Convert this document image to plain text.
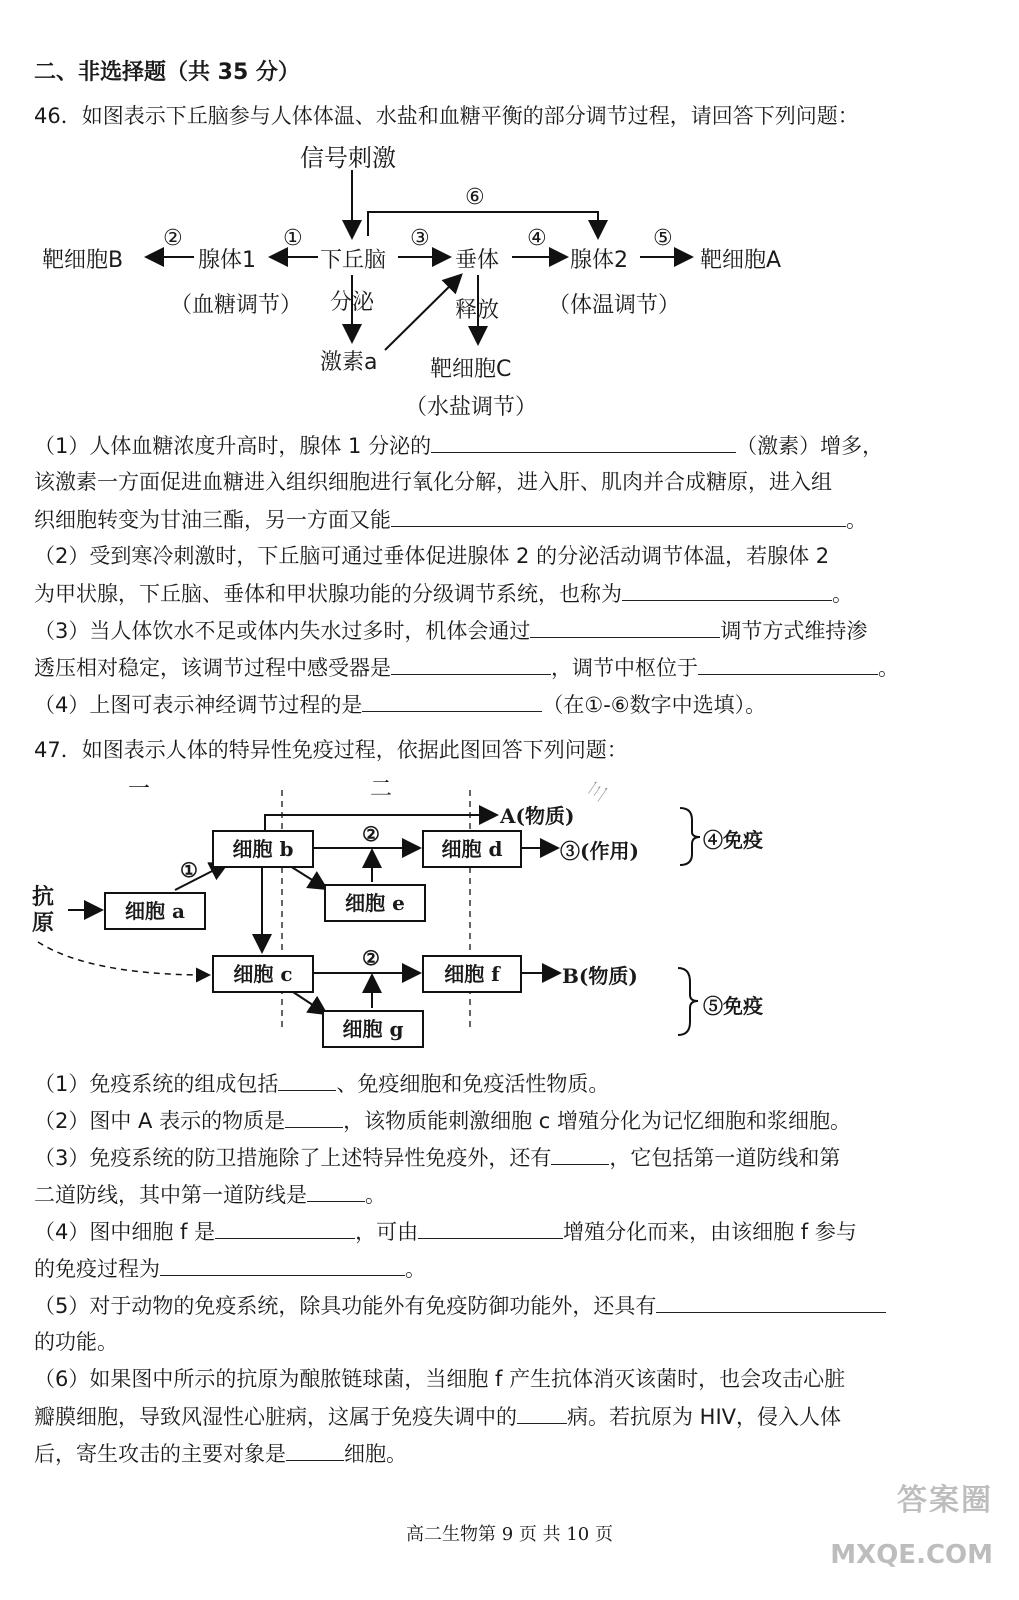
二、非选择题（共 35 分）
46．如图表示下丘脑参与人体体温、水盐和血糖平衡的部分调节过程，请回答下列问题：
信号刺激
⑥
靶细胞B
②
腺体1
①
下丘脑
③
垂体
④
腺体2
⑤
靶细胞A
（血糖调节） 分泌	释放 （体温调节）
激素a 靶细胞C
（水盐调节）
（1）人体血糖浓度升高时，腺体 1 分泌的	（激素）增多，
该激素一方面促进血糖进入组织细胞进行氧化分解，进入肝、肌肉并合成糖原，进入组
织细胞转变为甘油三酯，另一方面又能	。
（2）受到寒冷刺激时，下丘脑可通过垂体促进腺体 2 的分泌活动调节体温，若腺体 2
为甲状腺，下丘脑、垂体和甲状腺功能的分级调节系统，也称为	。
（3）当人体饮水不足或体内失水过多时，机体会通过	调节方式维持渗
透压相对稳定，该调节过程中感受器是	，调节中枢位于	。
（4）上图可表示神经调节过程的是	（在①-⑥数字中选填）。
47．如图表示人体的特异性免疫过程，依据此图回答下列问题：
一	二	三
抗
原	细胞 a
①
细胞 b
②
细胞 d
细胞 e
A(物质)
③(作用)	④免疫
细胞 c
②
细胞 f
细胞 g
B(物质)
⑤免疫
（1）免疫系统的组成包括	、免疫细胞和免疫活性物质。
（2）图中 A 表示的物质是	，该物质能刺激细胞 c 增殖分化为记忆细胞和浆细胞。
（3）免疫系统的防卫措施除了上述特异性免疫外，还有	，它包括第一道防线和第
二道防线，其中第一道防线是	。
（4）图中细胞 f 是	，可由	增殖分化而来，由该细胞 f 参与
的免疫过程为	。
（5）对于动物的免疫系统，除具功能外有免疫防御功能外，还具有
的功能。
（6）如果图中所示的抗原为酿脓链球菌，当细胞 f 产生抗体消灭该菌时，也会攻击心脏
瓣膜细胞，导致风湿性心脏病，这属于免疫失调中的 病。若抗原为 HIV，侵入人体
后，寄生攻击的主要对象是	细胞。
高二生物第 9 页 共 10 页
答案圈
MXQE.COM
